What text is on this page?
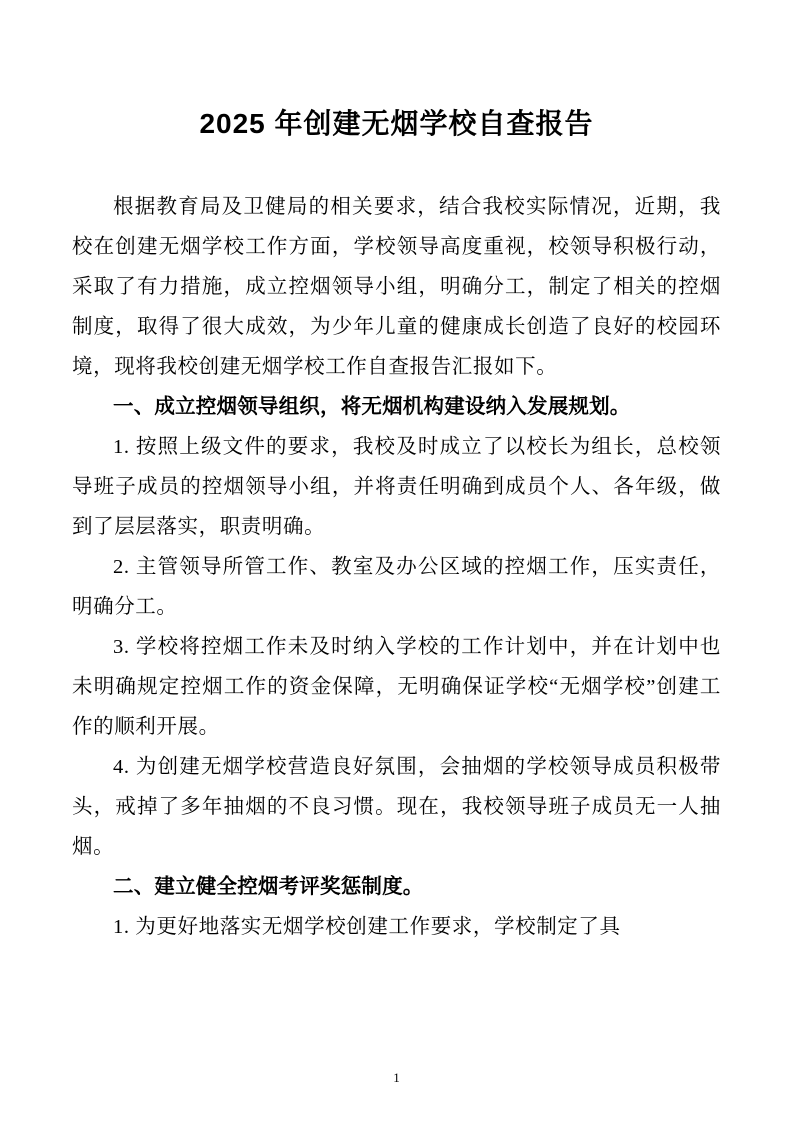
2025 年创建无烟学校自查报告

根据教育局及卫健局的相关要求，结合我校实际情况，近期，我校在创建无烟学校工作方面，学校领导高度重视，校领导积极行动，采取了有力措施，成立控烟领导小组，明确分工，制定了相关的控烟制度，取得了很大成效，为少年儿童的健康成长创造了良好的校园环境，现将我校创建无烟学校工作自查报告汇报如下。

一、成立控烟领导组织，将无烟机构建设纳入发展规划。

1. 按照上级文件的要求，我校及时成立了以校长为组长，总校领导班子成员的控烟领导小组，并将责任明确到成员个人、各年级，做到了层层落实，职责明确。

2. 主管领导所管工作、教室及办公区域的控烟工作，压实责任，明确分工。

3. 学校将控烟工作未及时纳入学校的工作计划中，并在计划中也未明确规定控烟工作的资金保障，无明确保证学校“无烟学校”创建工作的顺利开展。

4. 为创建无烟学校营造良好氛围，会抽烟的学校领导成员积极带头，戒掉了多年抽烟的不良习惯。现在，我校领导班子成员无一人抽烟。

二、建立健全控烟考评奖惩制度。

1. 为更好地落实无烟学校创建工作要求，学校制定了具

1
